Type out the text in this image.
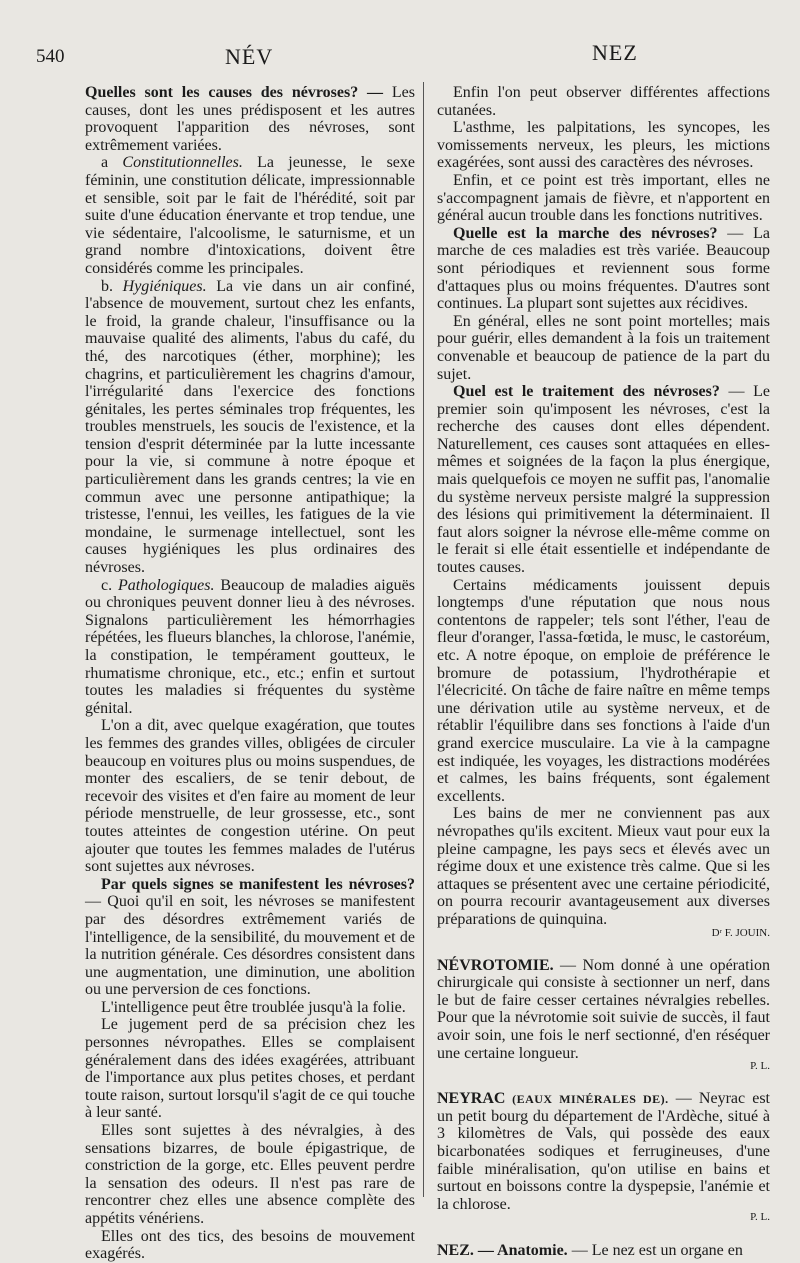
540	NÉV	NEZ

Quelles sont les causes des névroses? — Les causes, dont les unes prédisposent et les autres provoquent l'apparition des névroses, sont extrêmement variées.

a Constitutionnelles. La jeunesse, le sexe féminin, une constitution délicate, impressionnable et sensible, soit par le fait de l'hérédité, soit par suite d'une éducation énervante et trop tendue, une vie sédentaire, l'alcoolisme, le saturnisme, et un grand nombre d'intoxications, doivent être considérés comme les principales.

b. Hygiéniques. La vie dans un air confiné, l'absence de mouvement, surtout chez les enfants, le froid, la grande chaleur, l'insuffisance ou la mauvaise qualité des aliments, l'abus du café, du thé, des narcotiques (éther, morphine); les chagrins, et particulièrement les chagrins d'amour, l'irrégularité dans l'exercice des fonctions génitales, les pertes séminales trop fréquentes, les troubles menstruels, les soucis de l'existence, et la tension d'esprit déterminée par la lutte incessante pour la vie, si commune à notre époque et particulièrement dans les grands centres; la vie en commun avec une personne antipathique; la tristesse, l'ennui, les veilles, les fatigues de la vie mondaine, le surmenage intellectuel, sont les causes hygiéniques les plus ordinaires des névroses.

c. Pathologiques. Beaucoup de maladies aiguës ou chroniques peuvent donner lieu à des névroses. Signalons particulièrement les hémorrhagies répétées, les flueurs blanches, la chlorose, l'anémie, la constipation, le tempérament goutteux, le rhumatisme chronique, etc., etc.; enfin et surtout toutes les maladies si fréquentes du système génital.

L'on a dit, avec quelque exagération, que toutes les femmes des grandes villes, obligées de circuler beaucoup en voitures plus ou moins suspendues, de monter des escaliers, de se tenir debout, de recevoir des visites et d'en faire au moment de leur période menstruelle, de leur grossesse, etc., sont toutes atteintes de congestion utérine. On peut ajouter que toutes les femmes malades de l'utérus sont sujettes aux névroses.

Par quels signes se manifestent les névroses? — Quoi qu'il en soit, les névroses se manifestent par des désordres extrêmement variés de l'intelligence, de la sensibilité, du mouvement et de la nutrition générale. Ces désordres consistent dans une augmentation, une diminution, une abolition ou une perversion de ces fonctions.

L'intelligence peut être troublée jusqu'à la folie.

Le jugement perd de sa précision chez les personnes névropathes. Elles se complaisent généralement dans des idées exagérées, attribuant de l'importance aux plus petites choses, et perdant toute raison, surtout lorsqu'il s'agit de ce qui touche à leur santé.

Elles sont sujettes à des névralgies, à des sensations bizarres, de boule épigastrique, de constriction de la gorge, etc. Elles peuvent perdre la sensation des odeurs. Il n'est pas rare de rencontrer chez elles une absence complète des appétits vénériens.

Elles ont des tics, des besoins de mouvement exagérés.

Enfin l'on peut observer différentes affections cutanées.

L'asthme, les palpitations, les syncopes, les vomissements nerveux, les pleurs, les mictions exagérées, sont aussi des caractères des névroses.

Enfin, et ce point est très important, elles ne s'accompagnent jamais de fièvre, et n'apportent en général aucun trouble dans les fonctions nutritives.

Quelle est la marche des névroses? — La marche de ces maladies est très variée. Beaucoup sont périodiques et reviennent sous forme d'attaques plus ou moins fréquentes. D'autres sont continues. La plupart sont sujettes aux récidives.

En général, elles ne sont point mortelles; mais pour guérir, elles demandent à la fois un traitement convenable et beaucoup de patience de la part du sujet.

Quel est le traitement des névroses? — Le premier soin qu'imposent les névroses, c'est la recherche des causes dont elles dépendent. Naturellement, ces causes sont attaquées en elles-mêmes et soignées de la façon la plus énergique, mais quelquefois ce moyen ne suffit pas, l'anomalie du système nerveux persiste malgré la suppression des lésions qui primitivement la déterminaient. Il faut alors soigner la névrose elle-même comme on le ferait si elle était essentielle et indépendante de toutes causes.

Certains médicaments jouissent depuis longtemps d'une réputation que nous nous contentons de rappeler; tels sont l'éther, l'eau de fleur d'oranger, l'assa-fœtida, le musc, le castoréum, etc. A notre époque, on emploie de préférence le bromure de potassium, l'hydrothérapie et l'élecricité. On tâche de faire naître en même temps une dérivation utile au système nerveux, et de rétablir l'équilibre dans ses fonctions à l'aide d'un grand exercice musculaire. La vie à la campagne est indiquée, les voyages, les distractions modérées et calmes, les bains fréquents, sont également excellents.

Les bains de mer ne conviennent pas aux névropathes qu'ils excitent. Mieux vaut pour eux la pleine campagne, les pays secs et élevés avec un régime doux et une existence très calme. Que si les attaques se présentent avec une certaine périodicité, on pourra recourir avantageusement aux diverses préparations de quinquina.

Dʳ F. JOUIN.

NÉVROTOMIE. — Nom donné à une opération chirurgicale qui consiste à sectionner un nerf, dans le but de faire cesser certaines névralgies rebelles. Pour que la névrotomie soit suivie de succès, il faut avoir soin, une fois le nerf sectionné, d'en réséquer une certaine longueur.

P. L.

NEYRAC (EAUX MINÉRALES DE). — Neyrac est un petit bourg du département de l'Ardèche, situé à 3 kilomètres de Vals, qui possède des eaux bicarbonatées sodiques et ferrugineuses, d'une faible minéralisation, qu'on utilise en bains et surtout en boissons contre la dyspepsie, l'anémie et la chlorose.

P. L.

NEZ. — Anatomie. — Le nez est un organe en
